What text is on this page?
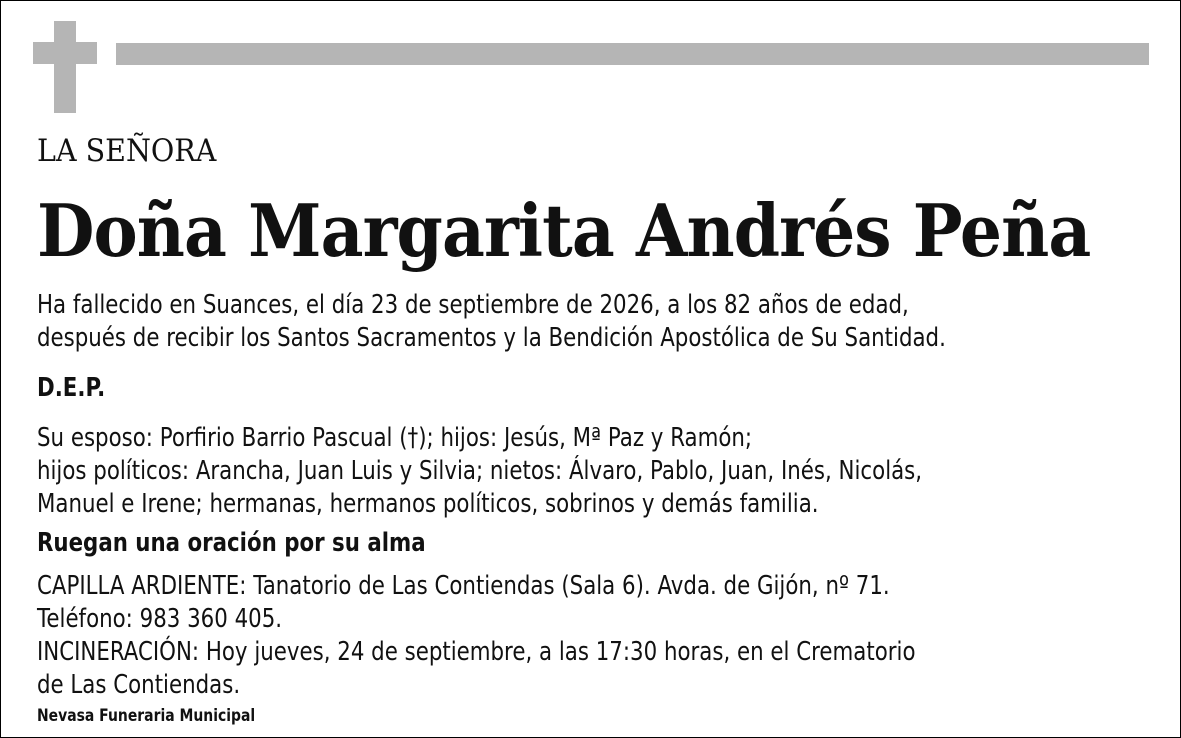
LA SEÑORA
Doña Margarita Andrés Peña
Ha fallecido en Suances, el día 23 de septiembre de 2026, a los 82 años de edad,
después de recibir los Santos Sacramentos y la Bendición Apostólica de Su Santidad.
D.E.P.
Su esposo: Porfirio Barrio Pascual (†); hijos: Jesús, Mª Paz y Ramón;
hijos políticos: Arancha, Juan Luis y Silvia; nietos: Álvaro, Pablo, Juan, Inés, Nicolás,
Manuel e Irene; hermanas, hermanos políticos, sobrinos y demás familia.
Ruegan una oración por su alma
CAPILLA ARDIENTE: Tanatorio de Las Contiendas (Sala 6). Avda. de Gijón, nº 71.
Teléfono: 983 360 405.
INCINERACIÓN: Hoy jueves, 24 de septiembre, a las 17:30 horas, en el Crematorio
de Las Contiendas.
Nevasa Funeraria Municipal
